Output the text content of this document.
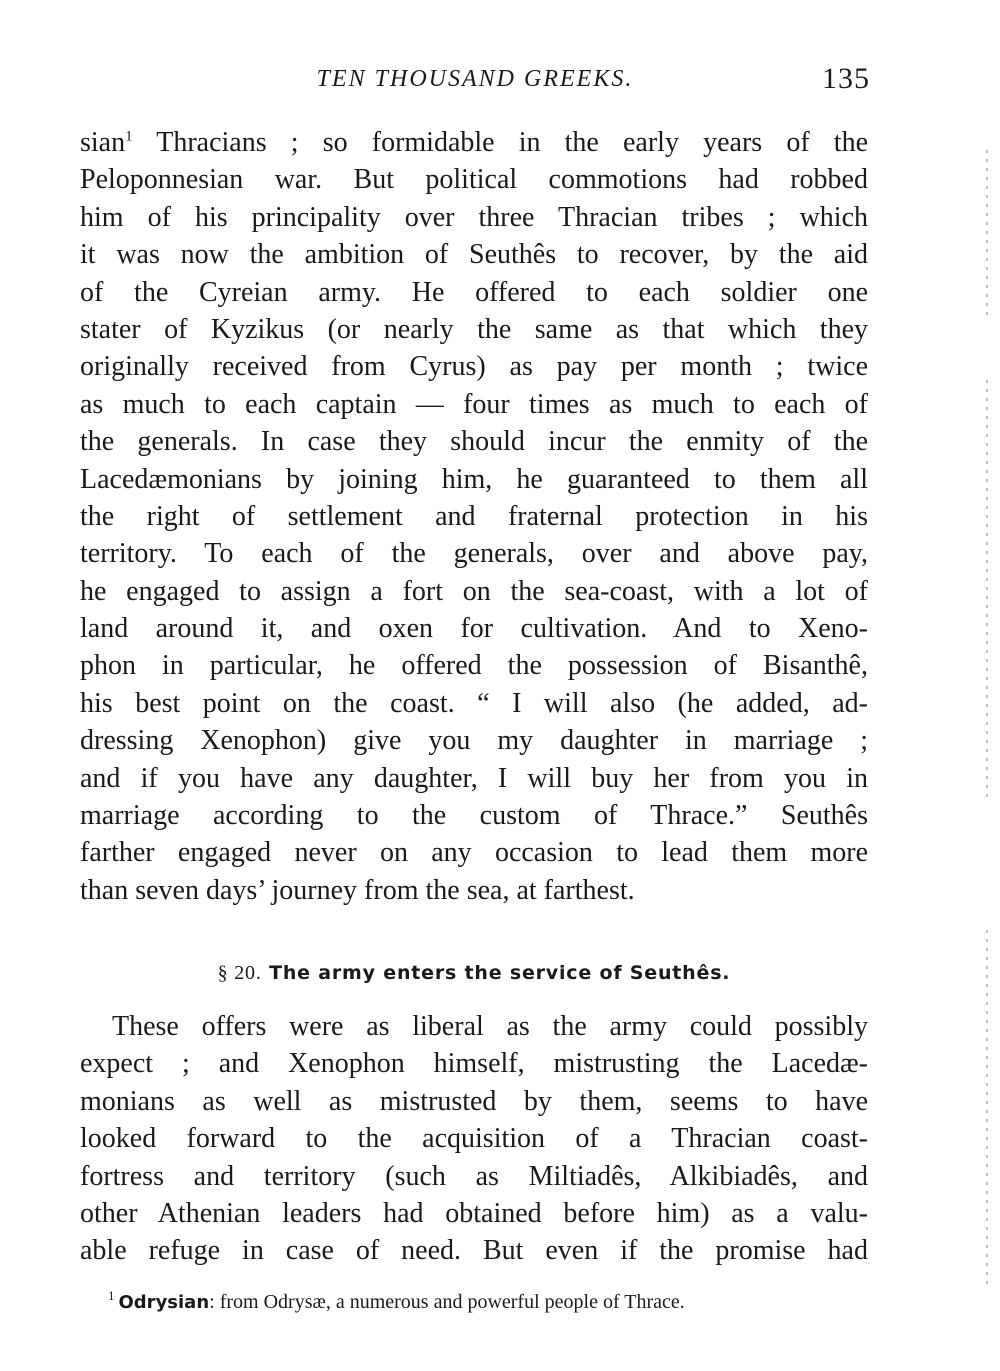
TEN THOUSAND GREEKS.	135
sian$^1$ Thracians ; so formidable in the early years of the
Peloponnesian war. But political commotions had robbed
him of his principality over three Thracian tribes ; which
it was now the ambition of Seuthês to recover, by the aid
of the Cyreian army. He offered to each soldier one
stater of Kyzikus (or nearly the same as that which they
originally received from Cyrus) as pay per month ; twice
as much to each captain — four times as much to each of
the generals. In case they should incur the enmity of the
Lacedæmonians by joining him, he guaranteed to them all
the right of settlement and fraternal protection in his
territory. To each of the generals, over and above pay,
he engaged to assign a fort on the sea-coast, with a lot of
land around it, and oxen for cultivation. And to Xeno-
phon in particular, he offered the possession of Bisanthê,
his best point on the coast. “ I will also (he added, ad-
dressing Xenophon) give you my daughter in marriage ;
and if you have any daughter, I will buy her from you in
marriage according to the custom of Thrace.” Seuthês
farther engaged never on any occasion to lead them more
than seven days’ journey from the sea, at farthest.
§ 20. The army enters the service of Seuthês.
These offers were as liberal as the army could possibly
expect ; and Xenophon himself, mistrusting the Lacedæ-
monians as well as mistrusted by them, seems to have
looked forward to the acquisition of a Thracian coast-
fortress and territory (such as Miltiadês, Alkibiadês, and
other Athenian leaders had obtained before him) as a valu-
able refuge in case of need. But even if the promise had
$^1$ Odrysian: from Odrysæ, a numerous and powerful people of Thrace.
